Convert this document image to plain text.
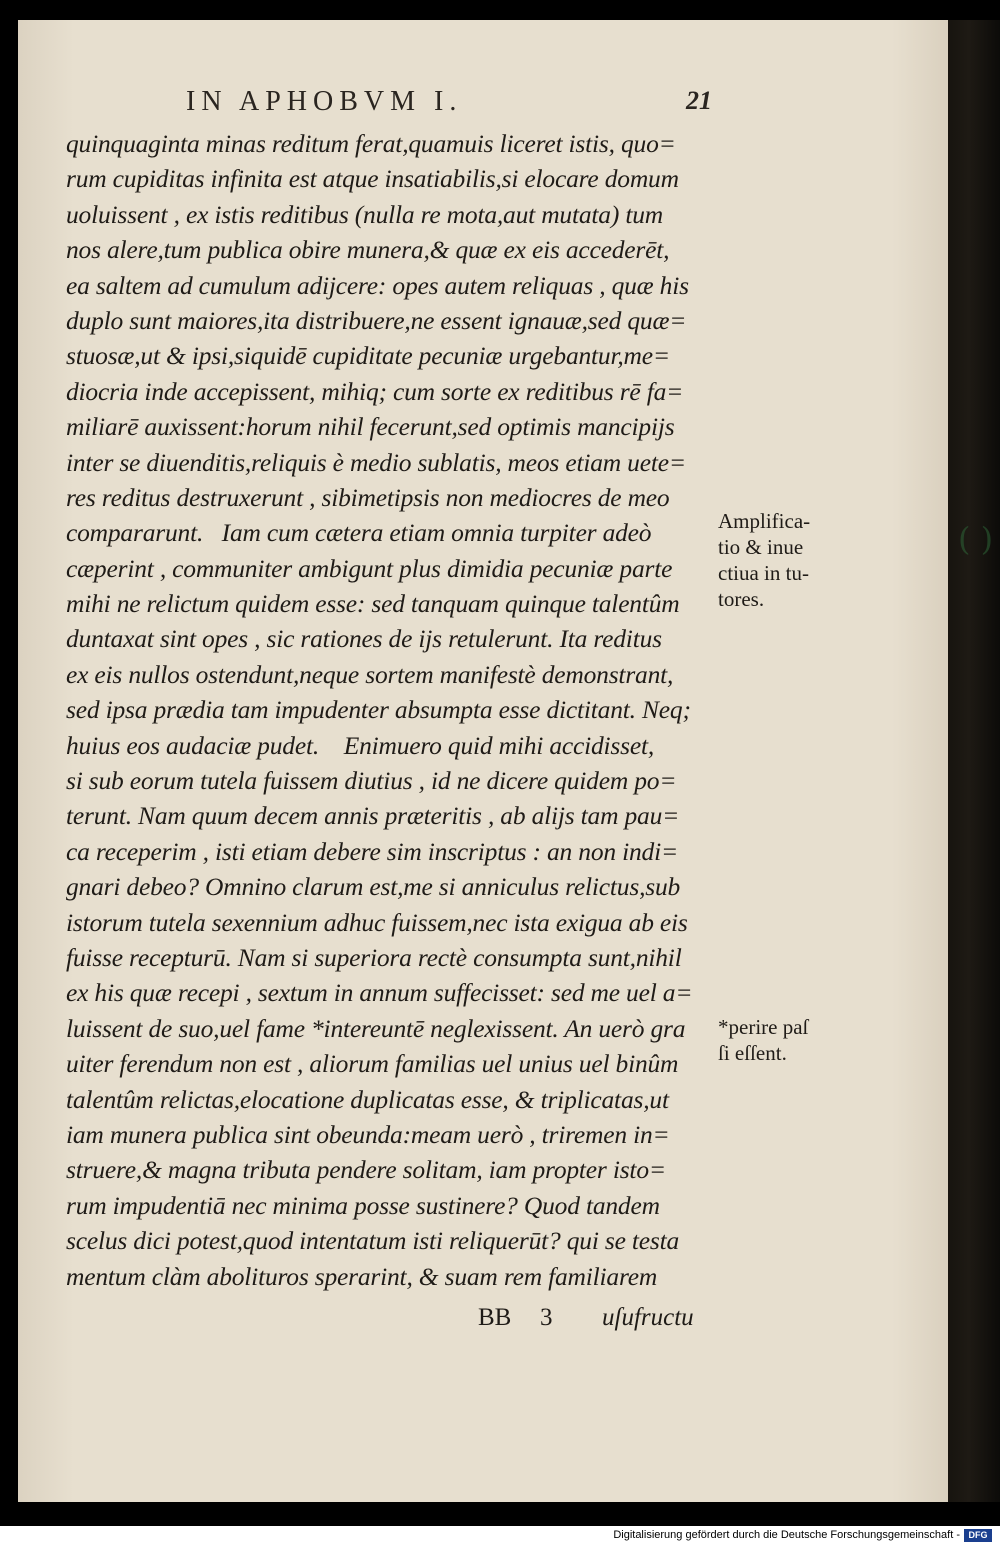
( )
IN APHOBVM I.	21
quinquaginta minas reditum ferat,quamuis liceret istis, quo=
rum cupiditas infinita est atque insatiabilis,si elocare domum
uoluissent , ex istis reditibus (nulla re mota,aut mutata) tum
nos alere,tum publica obire munera,& quæ ex eis accederēt,
ea saltem ad cumulum adijcere: opes autem reliquas , quæ his
duplo sunt maiores,ita distribuere,ne essent ignauæ,sed quæ=
stuosæ,ut & ipsi,siquidē cupiditate pecuniæ urgebantur,me=
diocria inde accepissent, mihiq; cum sorte ex reditibus rē fa=
miliarē auxissent:horum nihil fecerunt,sed optimis mancipijs
inter se diuenditis,reliquis è medio sublatis, meos etiam uete=
res reditus destruxerunt , sibimetipsis non mediocres de meo
compararunt.   Iam cum cætera etiam omnia turpiter adeò
cæperint , communiter ambigunt plus dimidia pecuniæ parte
mihi ne relictum quidem esse: sed tanquam quinque talentûm
duntaxat sint opes , sic rationes de ijs retulerunt. Ita reditus
ex eis nullos ostendunt,neque sortem manifestè demonstrant,
sed ipsa prædia tam impudenter absumpta esse dictitant. Neq;
huius eos audaciæ pudet.    Enimuero quid mihi accidisset,
si sub eorum tutela fuissem diutius , id ne dicere quidem po=
terunt. Nam quum decem annis præteritis , ab alijs tam pau=
ca receperim , isti etiam debere sim inscriptus : an non indi=
gnari debeo? Omnino clarum est,me si anniculus relictus,sub
istorum tutela sexennium adhuc fuissem,nec ista exigua ab eis
fuisse recepturū. Nam si superiora rectè consumpta sunt,nihil
ex his quæ recepi , sextum in annum suffecisset: sed me uel a=
luissent de suo,uel fame *intereuntē neglexissent. An uerò gra
uiter ferendum non est , aliorum familias uel unius uel binûm
talentûm relictas,elocatione duplicatas esse, & triplicatas,ut
iam munera publica sint obeunda:meam uerò , triremen in=
struere,& magna tributa pendere solitam, iam propter isto=
rum impudentiā nec minima posse sustinere? Quod tandem
scelus dici potest,quod intentatum isti reliquerūt? qui se testa
mentum clàm abolituros sperarint, & suam rem familiarem
Amplifica-
tio & inue
ctiua in tu-
tores.
*perire paſ
ſi eſſent.
BB 3 uſufructu
Digitalisierung gefördert durch die Deutsche Forschungsgemeinschaft - DFG
